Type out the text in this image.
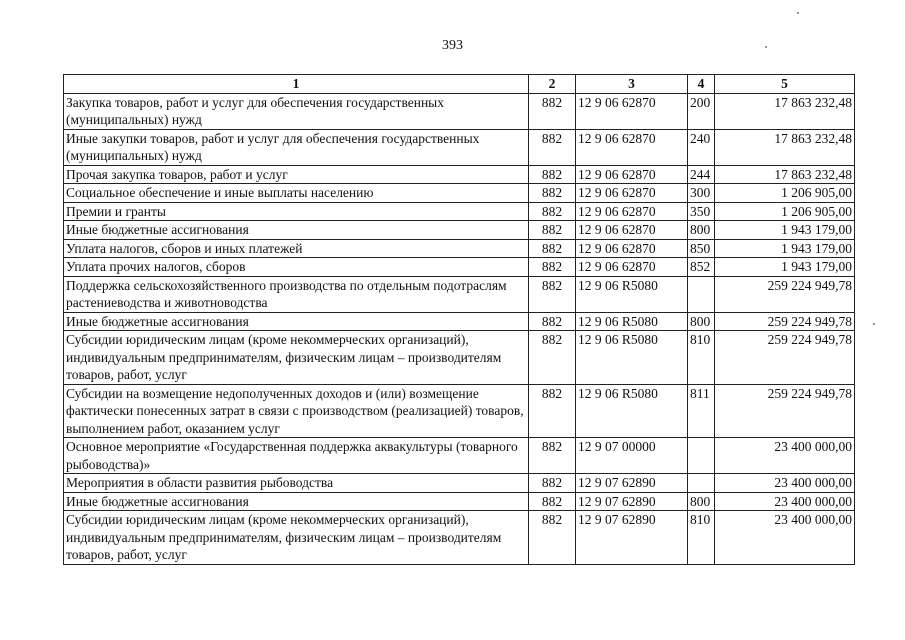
393
1	2	3	4	5
Закупка товаров, работ и услуг для обеспечения государственных (муниципальных) нужд	882	12 9 06 62870	200	17 863 232,48
Иные закупки товаров, работ и услуг для обеспечения государственных (муниципальных) нужд	882	12 9 06 62870	240	17 863 232,48
Прочая закупка товаров, работ и услуг	882	12 9 06 62870	244	17 863 232,48
Социальное обеспечение и иные выплаты населению	882	12 9 06 62870	300	1 206 905,00
Премии и гранты	882	12 9 06 62870	350	1 206 905,00
Иные бюджетные ассигнования	882	12 9 06 62870	800	1 943 179,00
Уплата налогов, сборов и иных платежей	882	12 9 06 62870	850	1 943 179,00
Уплата прочих налогов, сборов	882	12 9 06 62870	852	1 943 179,00
Поддержка сельскохозяйственного производства по отдельным подотраслям растениеводства и животноводства	882	12 9 06 R5080		259 224 949,78
Иные бюджетные ассигнования	882	12 9 06 R5080	800	259 224 949,78
Субсидии юридическим лицам (кроме некоммерческих организаций), индивидуальным предпринимателям, физическим лицам – производителям товаров, работ, услуг	882	12 9 06 R5080	810	259 224 949,78
Субсидии на возмещение недополученных доходов и (или) возмещение фактически понесенных затрат в связи с производством (реализацией) товаров, выполнением работ, оказанием услуг	882	12 9 06 R5080	811	259 224 949,78
Основное мероприятие «Государственная поддержка аквакультуры (товарного рыбоводства)»	882	12 9 07 00000		23 400 000,00
Мероприятия в области развития рыбоводства	882	12 9 07 62890		23 400 000,00
Иные бюджетные ассигнования	882	12 9 07 62890	800	23 400 000,00
Субсидии юридическим лицам (кроме некоммерческих организаций), индивидуальным предпринимателям, физическим лицам – производителям товаров, работ, услуг	882	12 9 07 62890	810	23 400 000,00
